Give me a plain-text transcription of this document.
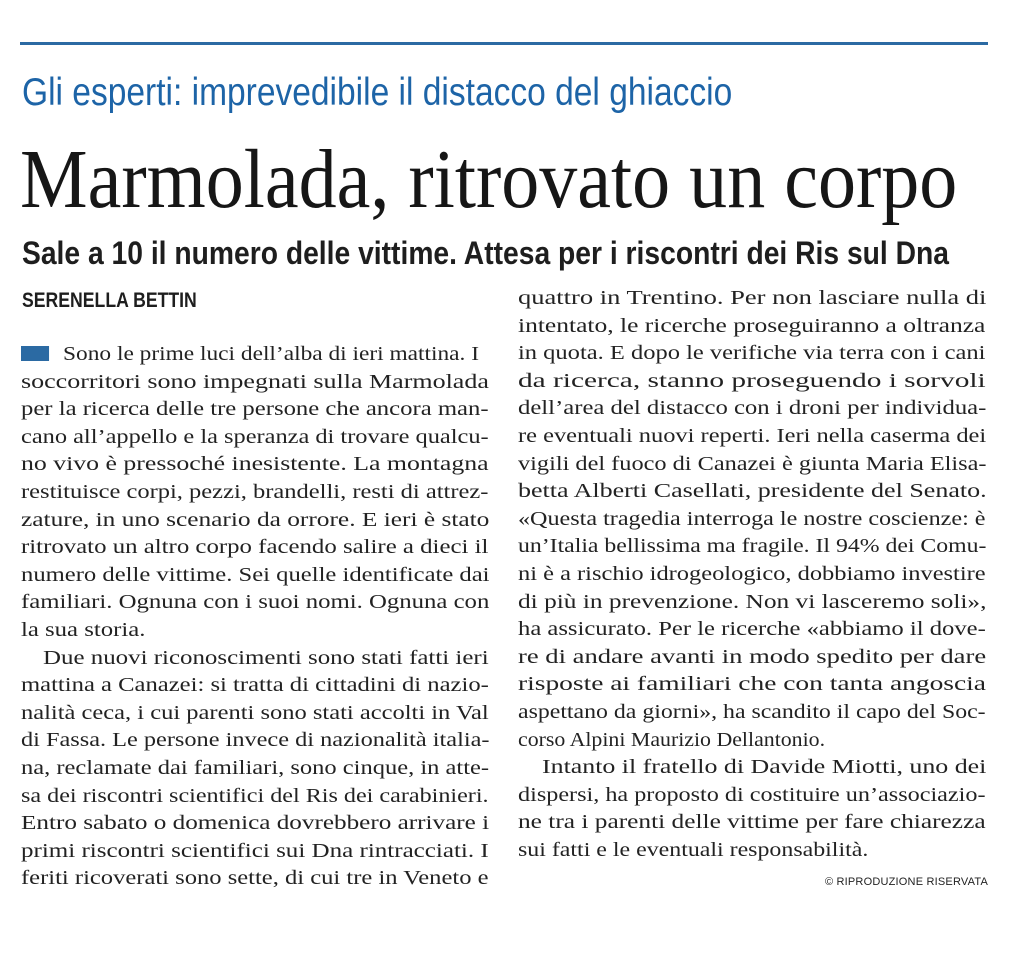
Gli esperti: imprevedibile il distacco del ghiaccio
Marmolada, ritrovato un corpo
Sale a 10 il numero delle vittime. Attesa per i riscontri dei Ris sul Dna
SERENELLA BETTIN
Sono le prime luci dell’alba di ieri mattina. I
soccorritori sono impegnati sulla Marmolada
per la ricerca delle tre persone che ancora man-
cano all’appello e la speranza di trovare qualcu-
no vivo è pressoché inesistente. La montagna
restituisce corpi, pezzi, brandelli, resti di attrez-
zature, in uno scenario da orrore. E ieri è stato
ritrovato un altro corpo facendo salire a dieci il
numero delle vittime. Sei quelle identificate dai
familiari. Ognuna con i suoi nomi. Ognuna con
la sua storia.
Due nuovi riconoscimenti sono stati fatti ieri
mattina a Canazei: si tratta di cittadini di nazio-
nalità ceca, i cui parenti sono stati accolti in Val
di Fassa. Le persone invece di nazionalità italia-
na, reclamate dai familiari, sono cinque, in atte-
sa dei riscontri scientifici del Ris dei carabinieri.
Entro sabato o domenica dovrebbero arrivare i
primi riscontri scientifici sui Dna rintracciati. I
feriti ricoverati sono sette, di cui tre in Veneto e
quattro in Trentino. Per non lasciare nulla di
intentato, le ricerche proseguiranno a oltranza
in quota. E dopo le verifiche via terra con i cani
da ricerca, stanno proseguendo i sorvoli
dell’area del distacco con i droni per individua-
re eventuali nuovi reperti. Ieri nella caserma dei
vigili del fuoco di Canazei è giunta Maria Elisa-
betta Alberti Casellati, presidente del Senato.
«Questa tragedia interroga le nostre coscienze: è
un’Italia bellissima ma fragile. Il 94% dei Comu-
ni è a rischio idrogeologico, dobbiamo investire
di più in prevenzione. Non vi lasceremo soli»,
ha assicurato. Per le ricerche «abbiamo il dove-
re di andare avanti in modo spedito per dare
risposte ai familiari che con tanta angoscia
aspettano da giorni», ha scandito il capo del Soc-
corso Alpini Maurizio Dellantonio.
Intanto il fratello di Davide Miotti, uno dei
dispersi, ha proposto di costituire un’associazio-
ne tra i parenti delle vittime per fare chiarezza
sui fatti e le eventuali responsabilità.
© RIPRODUZIONE RISERVATA
